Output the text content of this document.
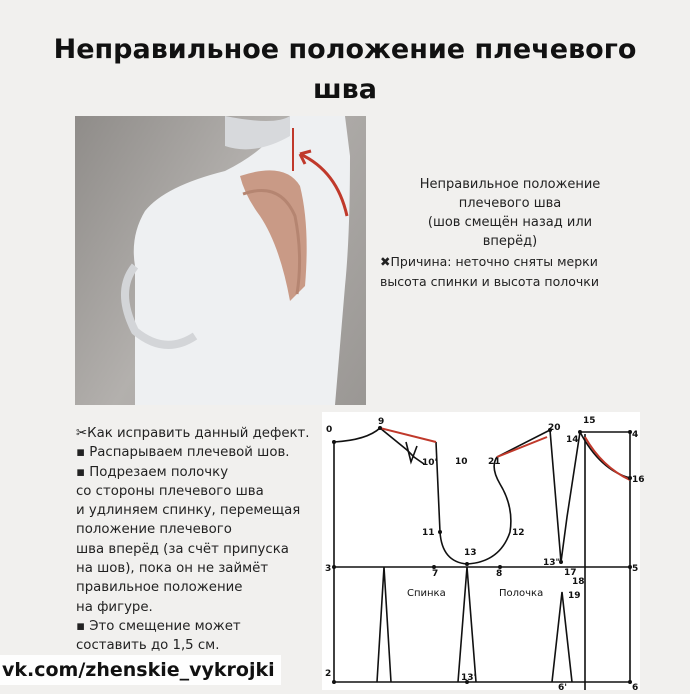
Неправильное положение плечевого шва
Неправильное положение
плечевого шва
(шов смещён назад или
вперёд)
✖Причина: неточно сняты мерки
высота спинки и высота полочки
✂Как исправить данный дефект.
▪ Распарываем плечевой шов.
▪ Подрезаем полочку
со стороны плечевого шва
и удлиняем спинку, перемещая
положение плечевого
шва вперёд (за счёт припуска
на шов), пока он не займёт
правильное положение
на фигуре.
▪ Это смещение может
составить до 1,5 см.
0
9
10' 10 21
20
15
14	4
16
11	12
13
13"
17
18
3	7	8	5
19
2	13'
6'	6
Спинка	Полочка
vk.com/zhenskie_vykrojki
